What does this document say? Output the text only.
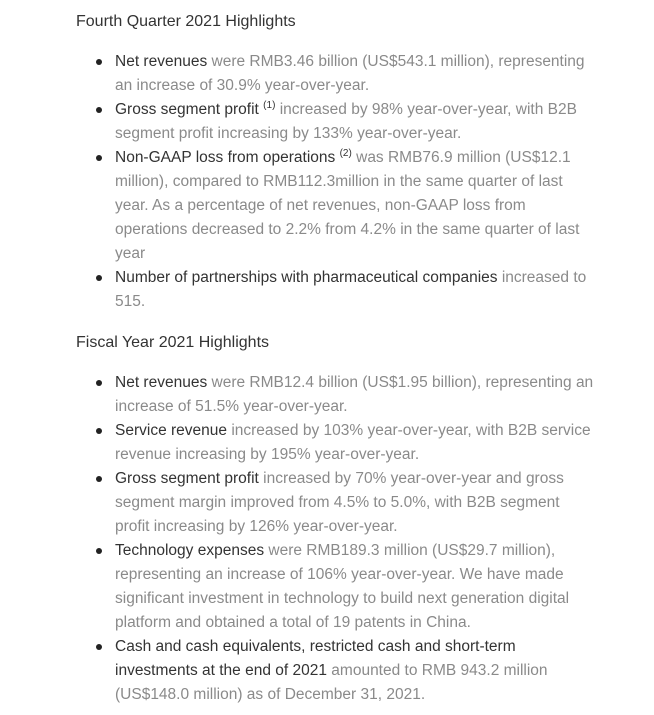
Fourth Quarter 2021 Highlights
Net revenues were RMB3.46 billion (US$543.1 million), representing an increase of 30.9% year-over-year.
Gross segment profit $^{(1)}$ increased by 98% year-over-year, with B2B segment profit increasing by 133% year-over-year.
Non-GAAP loss from operations $^{(2)}$ was RMB76.9 million (US$12.1 million), compared to RMB112.3million in the same quarter of last year. As a percentage of net revenues, non-GAAP loss from operations decreased to 2.2% from 4.2% in the same quarter of last year
Number of partnerships with pharmaceutical companies increased to 515.
Fiscal Year 2021 Highlights
Net revenues were RMB12.4 billion (US$1.95 billion), representing an increase of 51.5% year-over-year.
Service revenue increased by 103% year-over-year, with B2B service revenue increasing by 195% year-over-year.
Gross segment profit increased by 70% year-over-year and gross segment margin improved from 4.5% to 5.0%, with B2B segment profit increasing by 126% year-over-year.
Technology expenses were RMB189.3 million (US$29.7 million), representing an increase of 106% year-over-year. We have made significant investment in technology to build next generation digital platform and obtained a total of 19 patents in China.
Cash and cash equivalents, restricted cash and short-term investments at the end of 2021 amounted to RMB 943.2 million (US$148.0 million) as of December 31, 2021.
